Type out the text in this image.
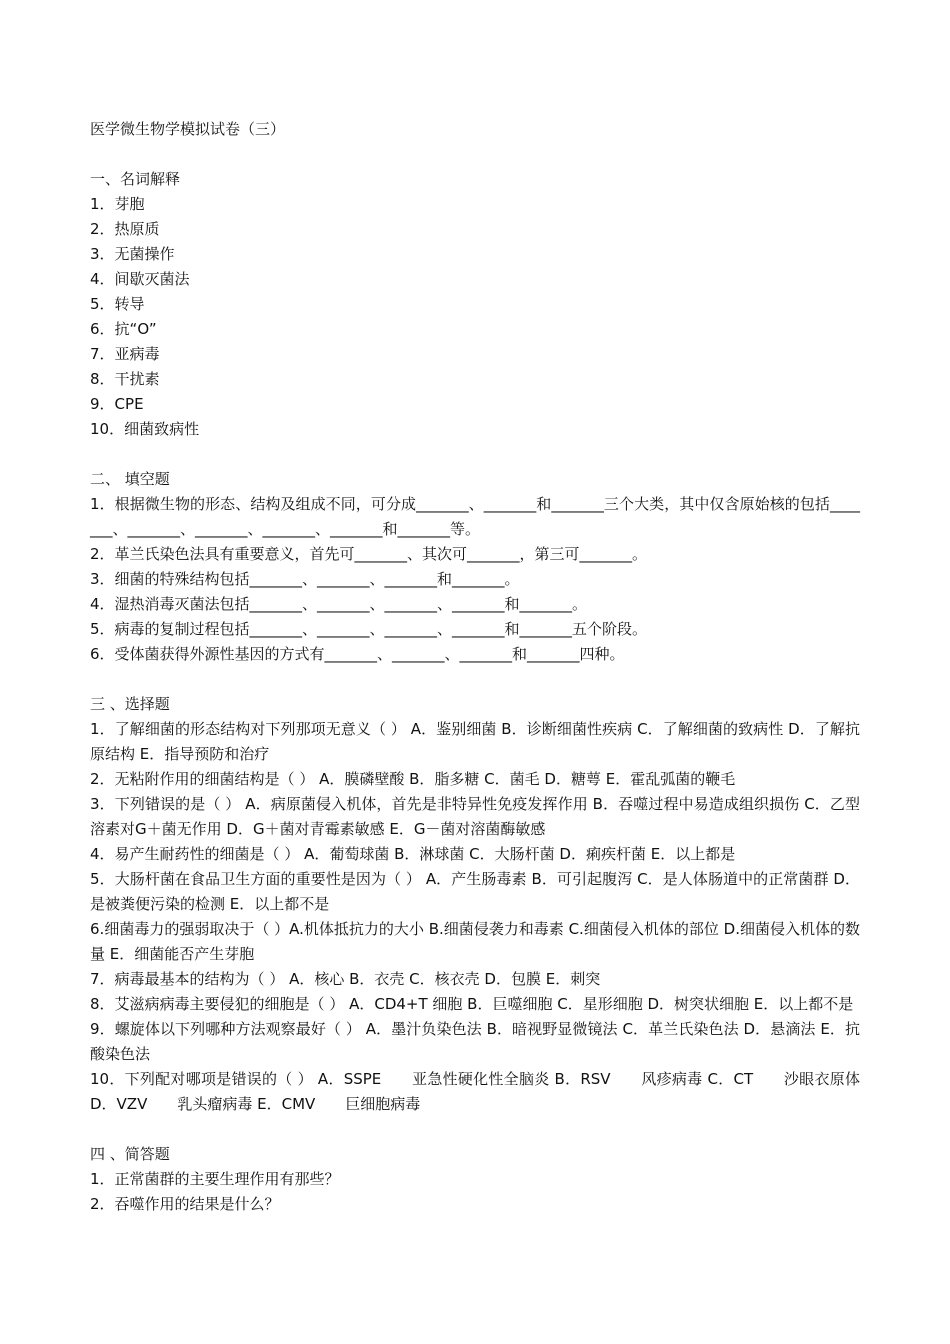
医学微生物学模拟试卷（三）
一、名词解释
1．芽胞
2．热原质
3．无菌操作
4．间歇灭菌法
5．转导
6．抗“O”
7．亚病毒
8．干扰素
9．CPE
10．细菌致病性
二、 填空题
1．根据微生物的形态、结构及组成不同，可分成_______、_______和_______三个大类，其中仅含原始核的包括_______、_______、_______、_______、_______和_______等。
2．革兰氏染色法具有重要意义，首先可_______、其次可_______，第三可_______。
3．细菌的特殊结构包括_______、_______、_______和_______。
4．湿热消毒灭菌法包括_______、_______、_______、_______和_______。
5．病毒的复制过程包括_______、_______、_______、_______和_______五个阶段。
6．受体菌获得外源性基因的方式有_______、_______、_______和_______四种。
三 、选择题
1．了解细菌的形态结构对下列那项无意义（ ） A．鉴别细菌 B．诊断细菌性疾病 C．了解细菌的致病性 D．了解抗原结构 E．指导预防和治疗
2．无粘附作用的细菌结构是（ ） A．膜磷壁酸 B．脂多糖 C．菌毛 D．糖萼 E．霍乱弧菌的鞭毛
3．下列错误的是（ ） A．病原菌侵入机体，首先是非特异性免疫发挥作用 B．吞噬过程中易造成组织损伤 C．乙型溶素对G＋菌无作用 D．G＋菌对青霉素敏感 E．G－菌对溶菌酶敏感
4．易产生耐药性的细菌是（ ） A．葡萄球菌 B．淋球菌 C．大肠杆菌 D．痢疾杆菌 E．以上都是
5．大肠杆菌在食品卫生方面的重要性是因为（ ） A．产生肠毒素 B．可引起腹泻 C．是人体肠道中的正常菌群 D．是被粪便污染的检测 E．以上都不是
6.细菌毒力的强弱取决于（ ）A.机体抵抗力的大小 B.细菌侵袭力和毒素 C.细菌侵入机体的部位 D.细菌侵入机体的数量 E．细菌能否产生芽胞
7．病毒最基本的结构为（ ） A．核心 B．衣壳 C．核衣壳 D．包膜 E．刺突
8．艾滋病病毒主要侵犯的细胞是（ ） A．CD4+T 细胞 B．巨噬细胞 C．星形细胞 D．树突状细胞 E．以上都不是
9．螺旋体以下列哪种方法观察最好（ ） A．墨汁负染色法 B．暗视野显微镜法 C．革兰氏染色法 D．悬滴法 E．抗酸染色法
10．下列配对哪项是错误的（ ） A．SSPE　　亚急性硬化性全脑炎 B．RSV　　风疹病毒 C．CT　　沙眼衣原体 D．VZV　　乳头瘤病毒 E．CMV　　巨细胞病毒
四 、简答题
1．正常菌群的主要生理作用有那些？
2．吞噬作用的结果是什么？
